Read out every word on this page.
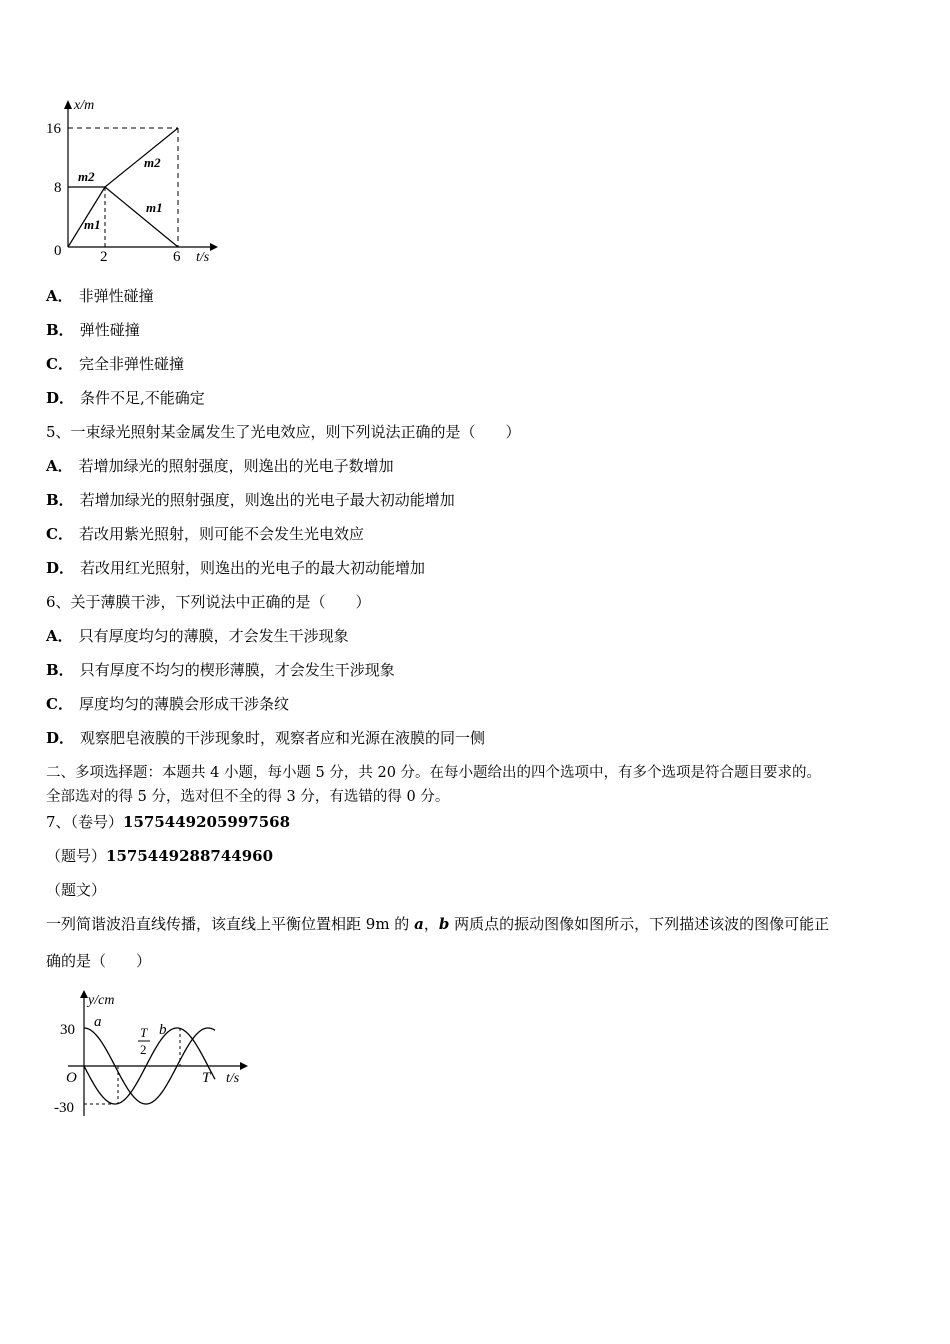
x/m
t/s
16
8
0	2	6
m2
m2
m1
m1
A． 非弹性碰撞
B． 弹性碰撞
C． 完全非弹性碰撞
D． 条件不足,不能确定
5、一束绿光照射某金属发生了光电效应，则下列说法正确的是（　　）
A． 若增加绿光的照射强度，则逸出的光电子数增加
B． 若增加绿光的照射强度，则逸出的光电子最大初动能增加
C． 若改用紫光照射，则可能不会发生光电效应
D． 若改用红光照射，则逸出的光电子的最大初动能增加
6、关于薄膜干涉，下列说法中正确的是（　　）
A． 只有厚度均匀的薄膜，才会发生干涉现象
B． 只有厚度不均匀的楔形薄膜，才会发生干涉现象
C． 厚度均匀的薄膜会形成干涉条纹
D． 观察肥皂液膜的干涉现象时，观察者应和光源在液膜的同一侧
二、多项选择题：本题共 4 小题，每小题 5 分，共 20 分。在每小题给出的四个选项中，有多个选项是符合题目要求的。
全部选对的得 5 分，选对但不全的得 3 分，有选错的得 0 分。
7、（卷号）1575449205997568
（题号）1575449288744960
（题文）
一列简谐波沿直线传播，该直线上平衡位置相距 9m 的 a，b 两质点的振动图像如图所示，下列描述该波的图像可能正
确的是（　　）
y/cm
t/s
O
30
-30
T
2
T
a	b
